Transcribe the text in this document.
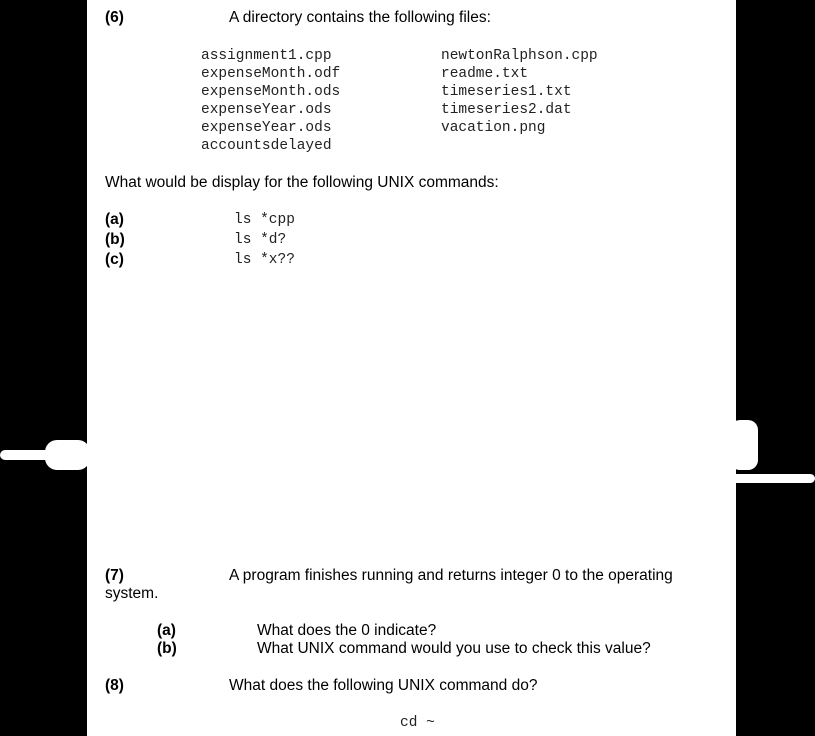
(6)	A directory contains the following files:
assignment1.cpp
expenseMonth.odf
expenseMonth.ods
expenseYear.ods
expenseYear.ods
accountsdelayed
newtonRalphson.cpp
readme.txt
timeseries1.txt
timeseries2.dat
vacation.png
What would be display for the following UNIX commands:
(a)	ls *cpp
(b)	ls *d?
(c)	ls *x??
(7)	A program finishes running and returns integer 0 to the operating
system.
(a)	What does the 0 indicate?
(b)	What UNIX command would you use to check this value?
(8)	What does the following UNIX command do?
cd ~
